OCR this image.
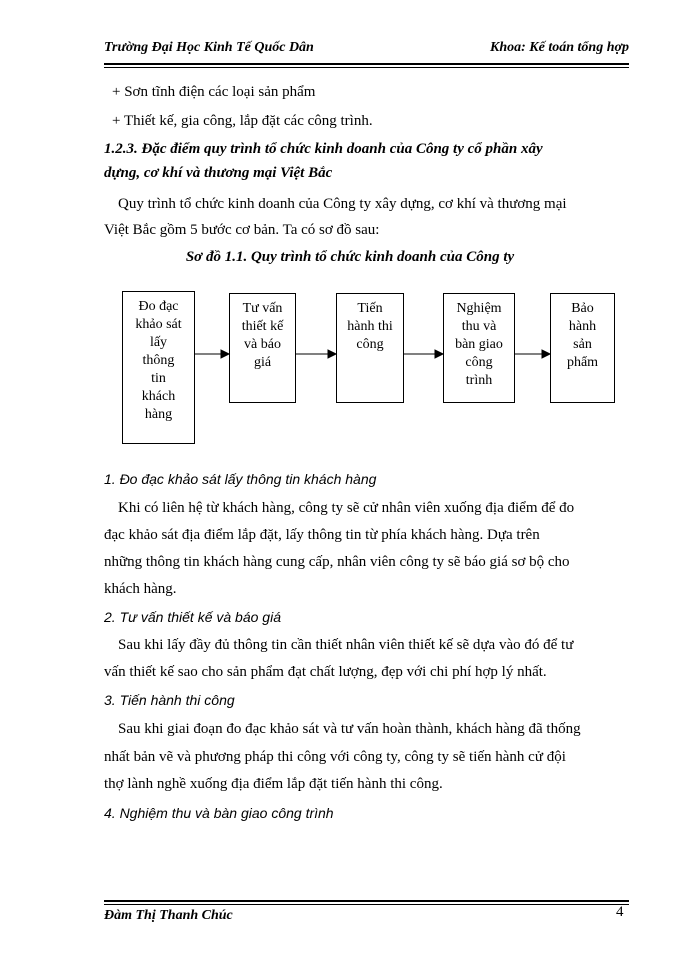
Trường Đại Học Kinh Tế Quốc Dân	Khoa: Kế toán tổng hợp
+ Sơn tĩnh điện các loại sản phẩm
+ Thiết kế, gia công, lắp đặt các công trình.
1.2.3. Đặc điểm quy trình tổ chức kinh doanh của Công ty cổ phần xây
dựng, cơ khí và thương mại Việt Bắc
Quy trình tổ chức kinh doanh của Công ty xây dựng, cơ khí và thương mại
Việt Bắc gồm 5 bước cơ bản. Ta có sơ đồ sau:
Sơ đồ 1.1. Quy trình tổ chức kinh doanh của Công ty
Đo đạc
khảo sát
lấy
thông
tin
khách
hàng
Tư vấn
thiết kế
và báo
giá
Tiến
hành thi
công
Nghiệm
thu và
bàn giao
công
trình
Bảo
hành
sản
phẩm
1. Đo đạc khảo sát lấy thông tin khách hàng
Khi có liên hệ từ khách hàng, công ty sẽ cử nhân viên xuống địa điểm để đo
đạc khảo sát địa điểm lắp đặt, lấy thông tin từ phía khách hàng. Dựa trên
những thông tin khách hàng cung cấp, nhân viên công ty sẽ báo giá sơ bộ cho
khách hàng.
2. Tư vấn thiết kế và báo giá
Sau khi lấy đầy đủ thông tin cần thiết nhân viên thiết kế sẽ dựa vào đó để tư
vấn thiết kế sao cho sản phẩm đạt chất lượng, đẹp với chi phí hợp lý nhất.
3. Tiến hành thi công
Sau khi giai đoạn đo đạc khảo sát và tư vấn hoàn thành, khách hàng đã thống
nhất bản vẽ và phương pháp thi công với công ty, công ty sẽ tiến hành cử đội
thợ lành nghề xuống địa điểm lắp đặt tiến hành thi công.
4. Nghiệm thu và bàn giao công trình
Đàm Thị Thanh Chúc	4
